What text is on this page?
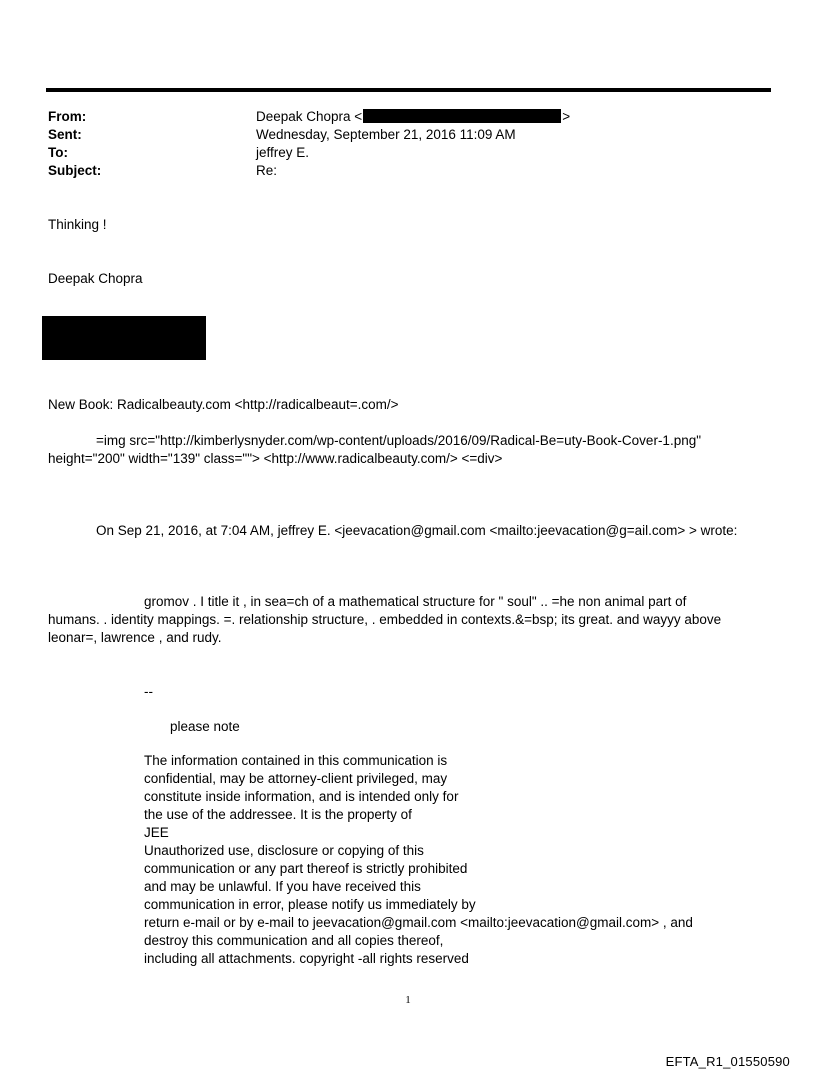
From:	Deepak Chopra <	>
Sent:	Wednesday, September 21, 2016 11:09 AM
To:	jeffrey E.
Subject:	Re:
Thinking !
Deepak Chopra
New Book: Radicalbeauty.com <http://radicalbeaut=.com/>
=img src="http://kimberlysnyder.com/wp-content/uploads/2016/09/Radical-Be=uty-Book-Cover-1.png"
height="200" width="139" class=""> <http://www.radicalbeauty.com/> <=div>
On Sep 21, 2016, at 7:04 AM, jeffrey E. <jeevacation@gmail.com <mailto:jeevacation@g=ail.com> > wrote:
gromov . I title it , in sea=ch of a mathematical structure for " soul" .. =he non animal part of
humans. . identity mappings. =. relationship structure, . embedded in contexts.&=bsp; its great. and wayyy above
leonar=, lawrence , and rudy.
--
please note
The information contained in this communication is
confidential, may be attorney-client privileged, may
constitute inside information, and is intended only for
the use of the addressee. It is the property of
JEE
Unauthorized use, disclosure or copying of this
communication or any part thereof is strictly prohibited
and may be unlawful. If you have received this
communication in error, please notify us immediately by
return e-mail or by e-mail to jeevacation@gmail.com <mailto:jeevacation@gmail.com> , and
destroy this communication and all copies thereof,
including all attachments. copyright -all rights reserved
1
EFTA_R1_01550590
